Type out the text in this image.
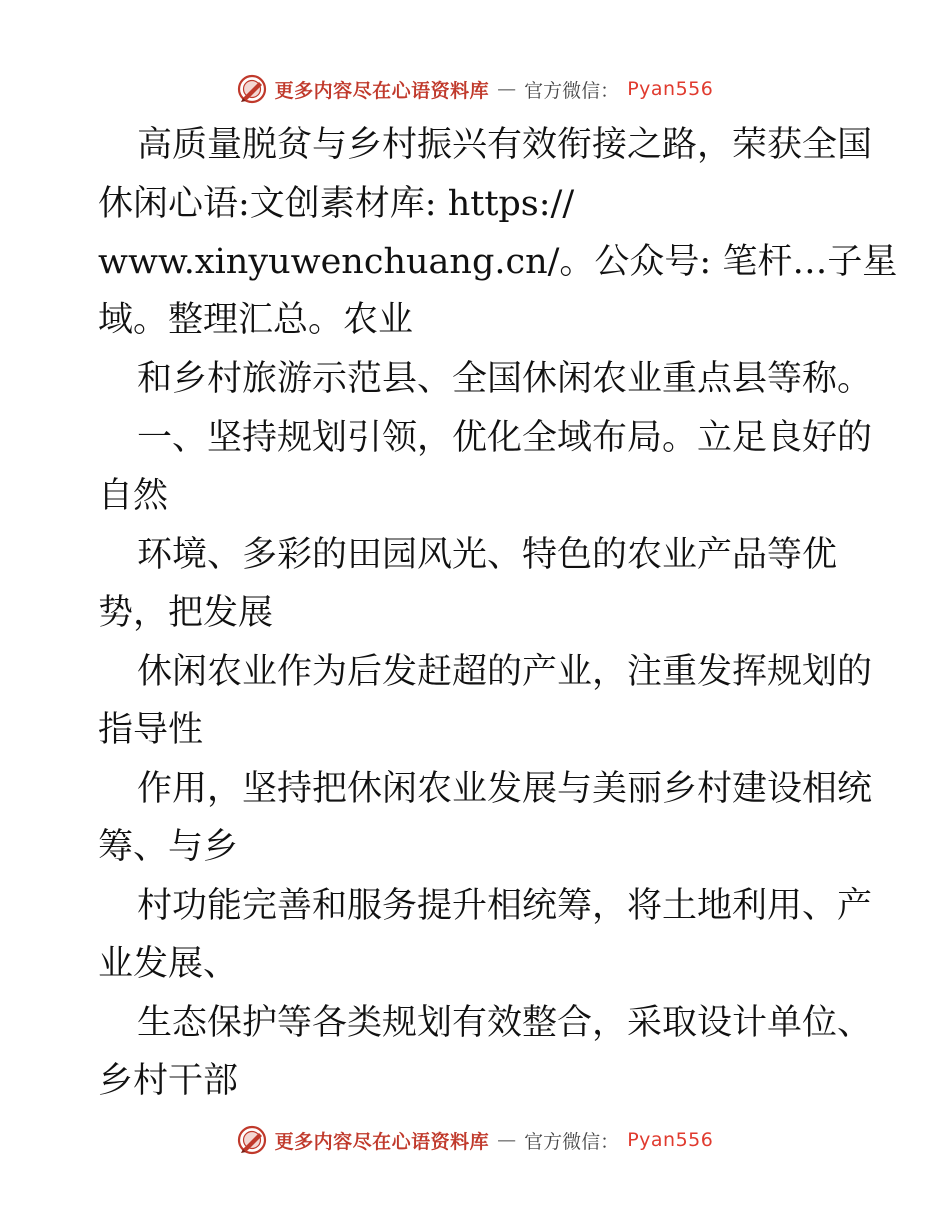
更多内容尽在心语资料库 — 官方微信： Pyan556
高质量脱贫与乡村振兴有效衔接之路，荣获全国
休闲心语:文创素材库: https://
www.xinyuwenchuang.cn/。公众号: 笔杆…子星
域。整理汇总。农业
和乡村旅游示范县、全国休闲农业重点县等称。
一、坚持规划引领，优化全域布局。立足良好的
自然
环境、多彩的田园风光、特色的农业产品等优
势，把发展
休闲农业作为后发赶超的产业，注重发挥规划的
指导性
作用，坚持把休闲农业发展与美丽乡村建设相统
筹、与乡
村功能完善和服务提升相统筹，将土地利用、产
业发展、
生态保护等各类规划有效整合，采取设计单位、
乡村干部
更多内容尽在心语资料库 — 官方微信： Pyan556
